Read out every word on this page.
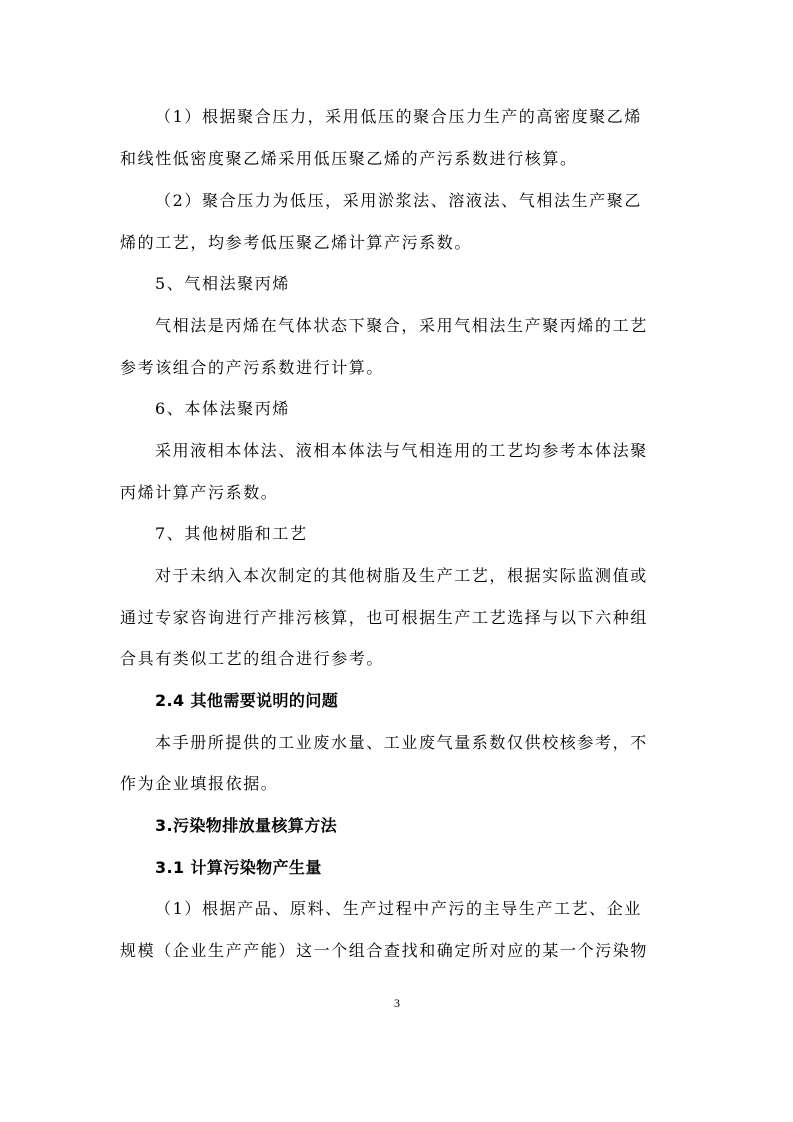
（1）根据聚合压力，采用低压的聚合压力生产的高密度聚乙烯
和线性低密度聚乙烯采用低压聚乙烯的产污系数进行核算。
（2）聚合压力为低压，采用淤浆法、溶液法、气相法生产聚乙
烯的工艺，均参考低压聚乙烯计算产污系数。
5、气相法聚丙烯
气相法是丙烯在气体状态下聚合，采用气相法生产聚丙烯的工艺
参考该组合的产污系数进行计算。
6、本体法聚丙烯
采用液相本体法、液相本体法与气相连用的工艺均参考本体法聚
丙烯计算产污系数。
7、其他树脂和工艺
对于未纳入本次制定的其他树脂及生产工艺，根据实际监测值或
通过专家咨询进行产排污核算，也可根据生产工艺选择与以下六种组
合具有类似工艺的组合进行参考。
2.4 其他需要说明的问题
本手册所提供的工业废水量、工业废气量系数仅供校核参考，不
作为企业填报依据。
3.污染物排放量核算方法
3.1 计算污染物产生量
（1）根据产品、原料、生产过程中产污的主导生产工艺、企业
规模（企业生产产能）这一个组合查找和确定所对应的某一个污染物
3
